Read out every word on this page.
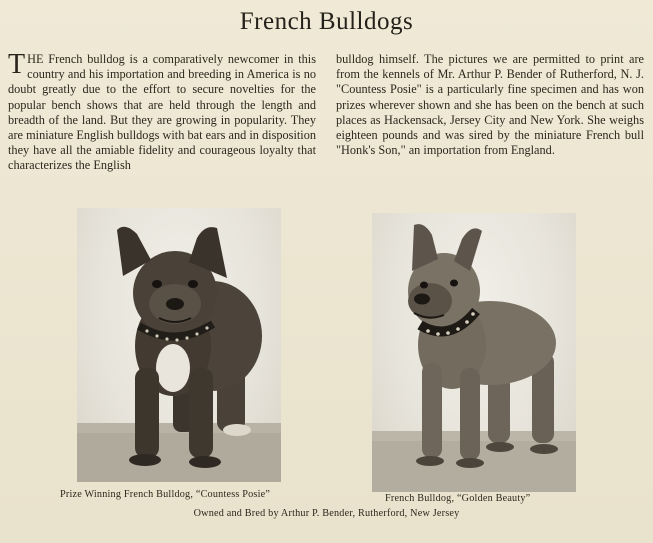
French Bulldogs
THE French bulldog is a comparatively newcomer in this country and his importation and breeding in America is no doubt greatly due to the effort to secure novelties for the popular bench shows that are held through the length and breadth of the land. But they are growing in popularity. They are miniature English bulldogs with bat ears and in disposition they have all the amiable fidelity and courageous loyalty that characterizes the English
bulldog himself. The pictures we are permitted to print are from the kennels of Mr. Arthur P. Bender of Rutherford, N. J. "Countess Posie" is a particularly fine specimen and has won prizes wherever shown and she has been on the bench at such places as Hackensack, Jersey City and New York. She weighs eighteen pounds and was sired by the miniature French bull "Honk's Son," an importation from England.
Prize Winning French Bulldog, “Countess Posie”	French Bulldog, “Golden Beauty”
Owned and Bred by Arthur P. Bender, Rutherford, New Jersey
